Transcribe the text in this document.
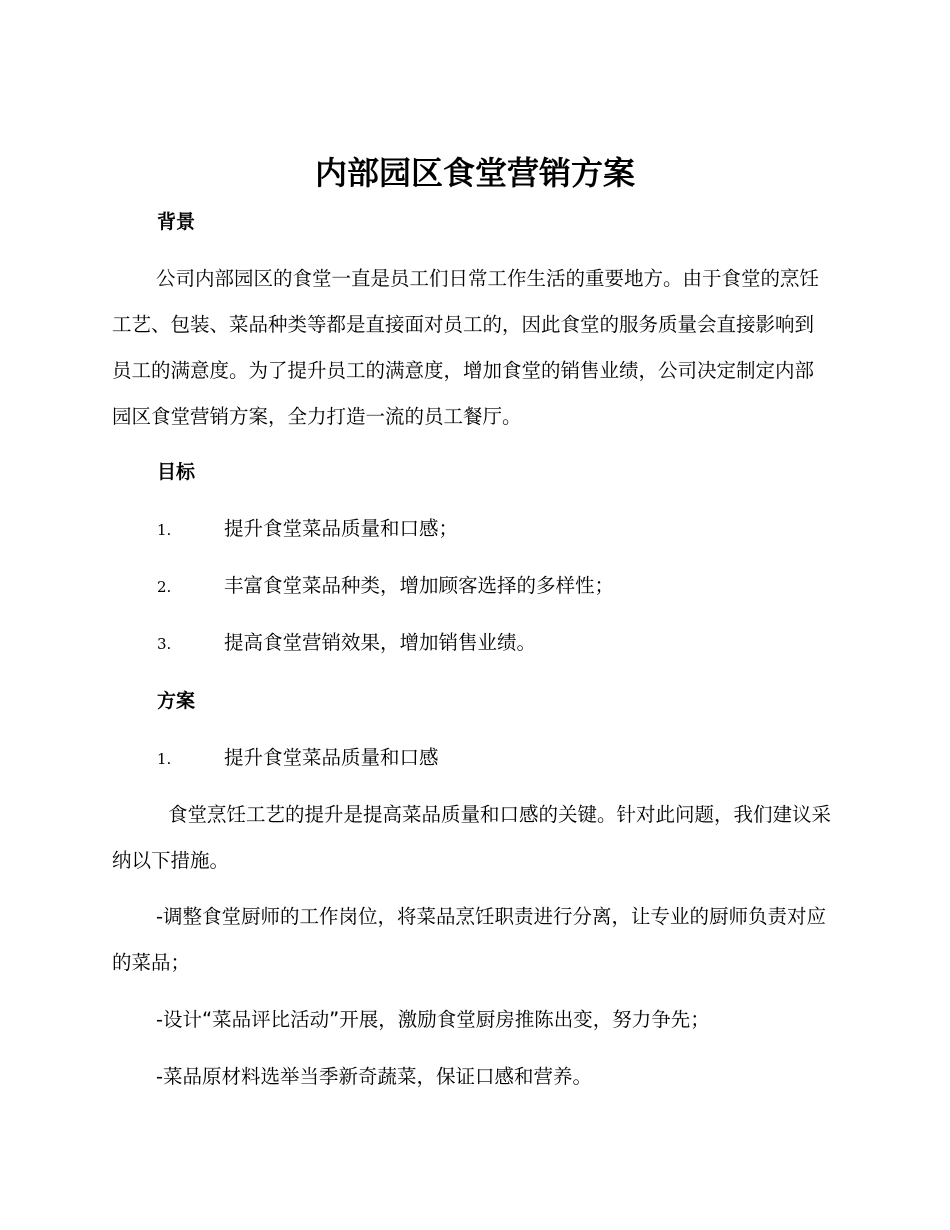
内部园区食堂营销方案
背景
公司内部园区的食堂一直是员工们日常工作生活的重要地方。由于食堂的烹饪工艺、包装、菜品种类等都是直接面对员工的，因此食堂的服务质量会直接影响到员工的满意度。为了提升员工的满意度，增加食堂的销售业绩，公司决定制定内部园区食堂营销方案，全力打造一流的员工餐厅。
目标
1.	提升食堂菜品质量和口感；
2.	丰富食堂菜品种类，增加顾客选择的多样性；
3.	提高食堂营销效果，增加销售业绩。
方案
1.	提升食堂菜品质量和口感
食堂烹饪工艺的提升是提高菜品质量和口感的关键。针对此问题，我们建议采纳以下措施。
-调整食堂厨师的工作岗位，将菜品烹饪职责进行分离，让专业的厨师负责对应的菜品；
-设计“菜品评比活动”开展，激励食堂厨房推陈出变，努力争先；
-菜品原材料选举当季新奇蔬菜，保证口感和营养。
